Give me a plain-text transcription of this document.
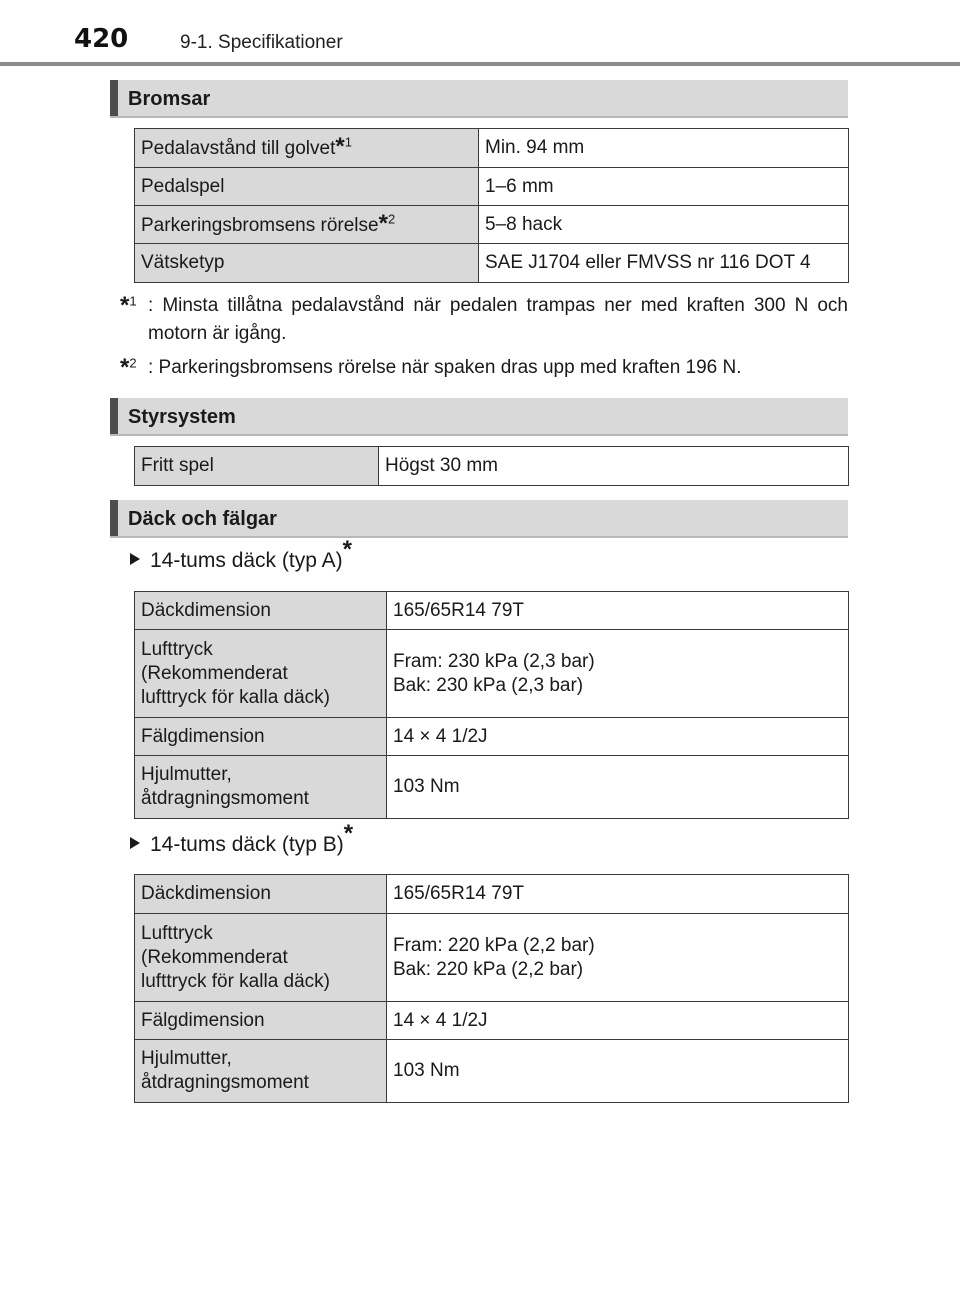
420	9-1. Specifikationer
Bromsar
Pedalavstånd till golvet*$^1$	Min. 94 mm
Pedalspel	1–6 mm
Parkeringsbromsens rörelse*$^2$	5–8 hack
Vätsketyp	SAE J1704 eller FMVSS nr 116 DOT 4
*$^1$ : Minsta tillåtna pedalavstånd när pedalen trampas ner med kraften 300 N och motorn är igång.
*$^2$ : Parkeringsbromsens rörelse när spaken dras upp med kraften 196 N.
Styrsystem
Fritt spel	Högst 30 mm
Däck och fälgar
14-tums däck (typ A)*
Däckdimension	165/65R14 79T
Lufttryck
(Rekommenderat
lufttryck för kalla däck)	Fram: 230 kPa (2,3 bar)
Bak: 230 kPa (2,3 bar)
Fälgdimension	14 × 4 1/2J
Hjulmutter,
åtdragningsmoment	103 Nm
14-tums däck (typ B)*
Däckdimension	165/65R14 79T
Lufttryck
(Rekommenderat
lufttryck för kalla däck)	Fram: 220 kPa (2,2 bar)
Bak: 220 kPa (2,2 bar)
Fälgdimension	14 × 4 1/2J
Hjulmutter,
åtdragningsmoment	103 Nm
